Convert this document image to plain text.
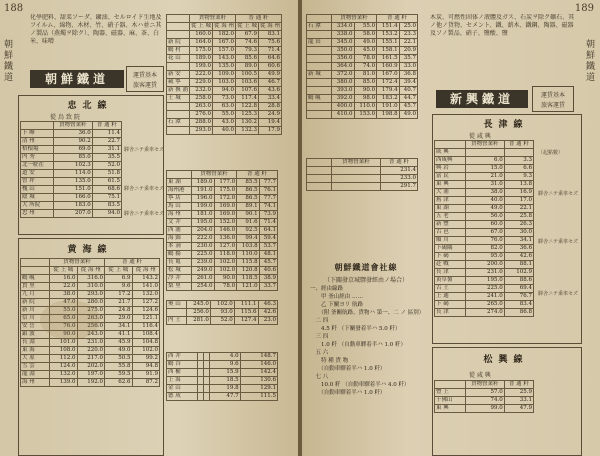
188
朝鮮鐵道
化學肥料、甜菜ソーダ、鑛油、セルロイド生地及フイルム、綿物、木材、竹、硝子器、木ハ並ニ其ノ製品（燕燭ヲ除ク）、陶器、磁器、麻、茶、白米、味噌
朝鮮鐵道	運賃基本
旅客運賃
忠北線
從 鳥 致 院
	貨物營業粁	普 通 粁
下 峰	36.0	11.4
清 州	90.2	22.7
梧根場	69.0	31.1
内 秀	85.0	35.5
北一駐在	102.3	52.0
道 安	114.0	51.8
曾 坪	135.0	61.5
槐 山	151.0	68.6
陰 城	166.0	75.1
大 所院	183.0	83.5
忠 州	207.0	94.0
驛舎ニテ乗車セズ
驛舎ニテ乗車セズ
驛舎ニテ乗車セズ
黄海線
	貨物營業粁		普 通 粁	
	從 上 城	從 海 州	從 上 城	從 海 州
鶴 峴	16.0	316.0	6.9	143.2
貫 里	22.0	310.0	9.6	141.0
九 月	38.0	293.0	17.2	132.0
新 院	47.0	280.0	21.7	127.2
新 川	55.0	275.0	24.8	124.6
信 川	65.0	263.0	29.0	121.1
安 岳	76.0	256.0	34.1	116.4
銀 波	90.0	243.0	41.1	108.4
長 淵	101.0	231.0	45.9	104.8
東 海	108.0	220.0	49.0	102.0
大 原	112.0	217.0	50.5	99.2
雪 雲	124.0	202.0	55.8	94.8
龍 淵	132.0	197.0	59.5	91.9
海 州	139.0	192.0	62.6	87.2
	貨物營業粁		普 通 粁	
	從 上 城	從 海 州	從 上 城	從 海 州
	160.0	182.0	67.9	83.1
新 院	164.0	167.0	74.6	75.6
鶴 村	175.0	157.0	79.3	71.4
花 山	189.0	143.0	85.6	64.6
	199.0	135.0	89.0	60.6
新 安	222.0	109.0	100.5	49.9
載 寧	229.0	103.0	103.6	46.7
新 換 浦	232.0	94.0	107.6	43.6
土 城	258.0	73.0	117.4	33.4
	263.0	63.0	122.8	28.8
	276.0	55.0	125.3	24.9
石 潭	288.0	43.0	130.2	19.4
	293.0	40.0	132.3	17.9
	貨物營業粁		普 通 粁	
東 湖	189.0	177.0	85.5	77.7
海州港	191.0	175.0	86.5	76.1
寧 店	196.0	172.0	86.5	77.7
馬 山	199.0	169.0	89.1	74.1
海 州	181.0	169.0	90.1	73.9
文 井	195.0	152.0	91.6	71.4
西 浦	204.0	146.0	92.5	64.1
海 錦	222.0	136.0	99.4	59.4
本 洞	230.0	127.0	103.8	53.7
鶴 揚	225.0	118.0	110.0	48.1
長 亀	239.0	102.0	115.8	45.7
松 城	249.0	102.0	120.8	40.6
冷 井	261.0	90.0	118.5	38.9
梨 里	254.0	78.0	121.0	33.7
奥 山	245.0	102.0	111.1	46.3
	256.0	93.0	115.6	42.6
内 土	281.0	52.0	127.4	23.0
西 井			4.0	148.7
鶴 谷			9.6	146.0
西 權			15.9	142.4
上 海			18.5	130.6
金 山			19.8	129.1
德 成			47.7	111.5
189
朝鮮鐵道
	貨物營業粁		普 通 粁	
石 潭	334.0	55.0	151.4	25.0
	338.0	58.0	153.2	23.3
龍 田	345.0	49.0	155.1	22.1
	350.0	45.0	158.1	20.9
	356.0	78.0	161.5	35.7
	364.0	74.0	160.9	33.0
新 城	372.0	81.0	167.0	36.8
	380.0	85.0	172.4	39.4
	393.0	90.0	179.4	40.7
鶴 峴	392.0	98.0	183.2	44.7
	400.0	110.0	191.0	45.7
	410.0	153.0	198.8	49.0
	貨物營業粁	普 通 粁
		231.4
		233.0
		291.7
朝鮮鐵道會社線
（下關發京城驛發經由ノ場合）
一、經由線路
　　甲 釜山經由 ……
　　乙 下關ヨリ 航路
　　（附 釜關航路、貨物ハ 第一、二 ノ 區別）
　二 四
　　4.5 粁 （下關發着半ハ 5.0 粁）
　三 四
　　1.0 粁 （自動車驛着半ハ 1.0 粁）
　五 六
　　特 種 貨 物
　　（自動車驛着半ハ 1.0 粁）
　七 八
　　10.0 粁 （自動車驛着半ハ 4.0 粁）
　　（自動車驛着半ハ 1.0 粁）
木炭、可燃性固体ノ液體及ガス、石炭ヲ除ク礦石、其ノ他ノ貨物、セメント、鐵、薪木、鐵鋼、陶器、磁器及ソノ製品、硝子、鹽酸、鹽
新興鐵道	運賃基本
旅客運賃
長津線
從 咸 興
	貨物營業粁	普 通 粁
咸 興		
西咸興	6.0	3.3
興 岩	15.0	6.6
富 民	21.0	9.3
東 興	31.0	13.8
大 浦	38.0	16.9
舊 津	40.0	17.0
東 湖	49.0	22.1
五 老	56.0	25.8
新 豐	60.0	26.3
古 邑	67.0	30.0
順 川	76.0	34.1
下碣隅	82.0	36.6
下 碣	95.0	42.6
赴 戰	200.0	88.1
長 津	231.0	102.9
黄草嶺	195.0	88.6
古 土	225.0	69.4
上 通	241.0	76.7
下 碣	265.0	83.4
長 津	274.0	86.8
（起點數）
驛舎ニテ乗車セズ
驛舎ニテ乗車セズ
驛舎ニテ乗車セズ
松興線
從 咸 興
	貨物營業粁	普 通 粁
豐 上	57.0	25.9
千佛山	74.0	33.1
東 興	99.0	47.9
